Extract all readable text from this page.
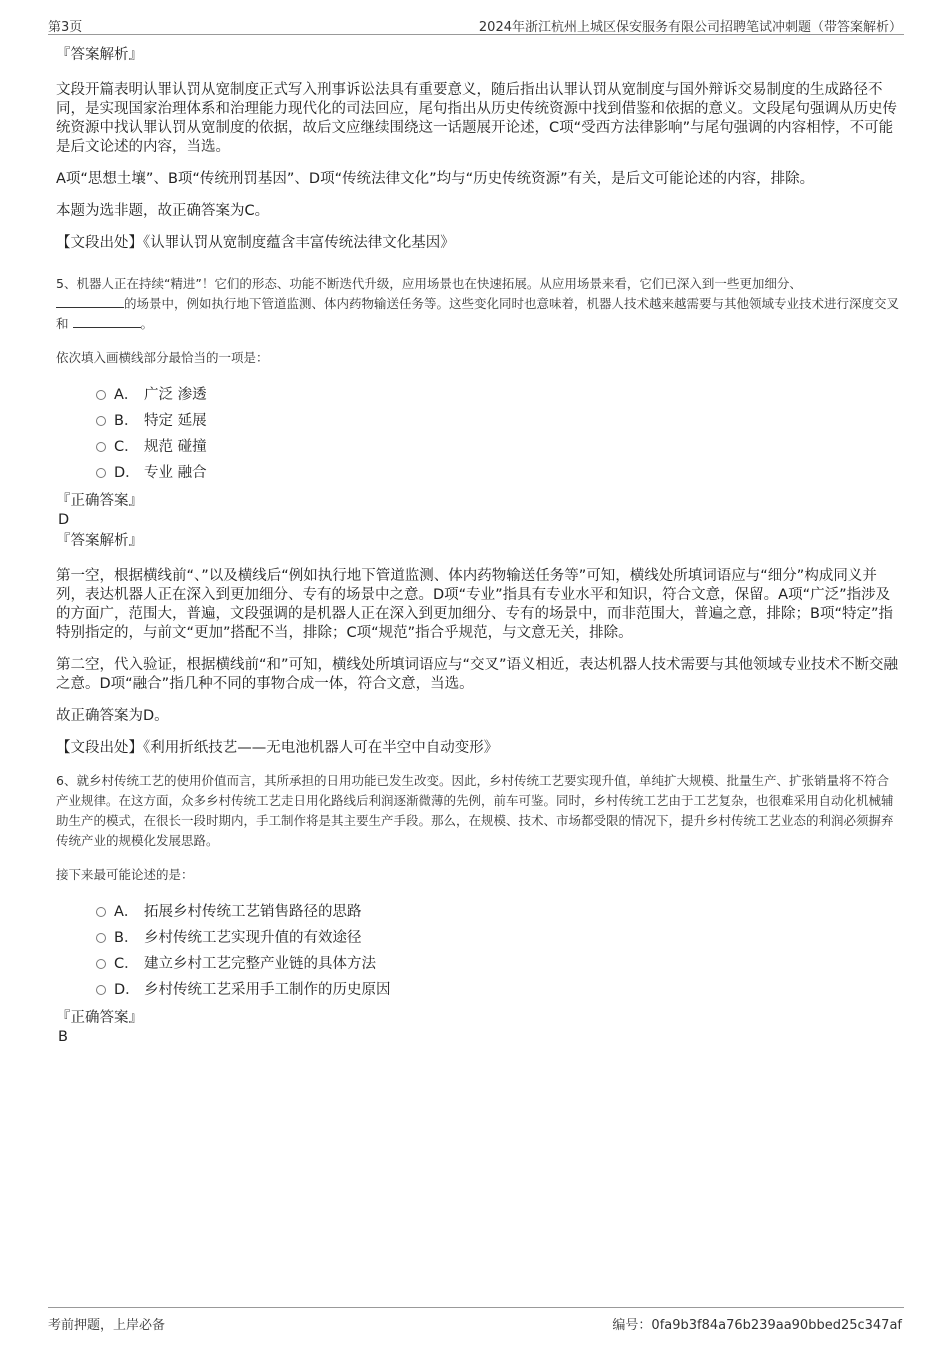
第3页	2024年浙江杭州上城区保安服务有限公司招聘笔试冲刺题（带答案解析）

『答案解析』

文段开篇表明认罪认罚从宽制度正式写入刑事诉讼法具有重要意义，随后指出认罪认罚从宽制度与国外辩诉交易制度的生成路径不同，是实现国家治理体系和治理能力现代化的司法回应，尾句指出从历史传统资源中找到借鉴和依据的意义。文段尾句强调从历史传统资源中找认罪认罚从宽制度的依据，故后文应继续围绕这一话题展开论述，C项“受西方法律影响”与尾句强调的内容相悖，不可能是后文论述的内容，当选。

A项“思想土壤”、B项“传统刑罚基因”、D项“传统法律文化”均与“历史传统资源”有关，是后文可能论述的内容，排除。

本题为选非题，故正确答案为C。

【文段出处】《认罪认罚从宽制度蕴含丰富传统法律文化基因》

5、机器人正在持续“精进”！它们的形态、功能不断迭代升级，应用场景也在快速拓展。从应用场景来看，它们已深入到一些更加细分、
的场景中，例如执行地下管道监测、体内药物输送任务等。这些变化同时也意味着，机器人技术越来越需要与其他领域专业技术进行深度交叉和	。

依次填入画横线部分最恰当的一项是：

A． 广泛 渗透
B． 特定 延展
C． 规范 碰撞
D． 专业 融合

『正确答案』

D

『答案解析』

第一空，根据横线前“、”以及横线后“例如执行地下管道监测、体内药物输送任务等”可知，横线处所填词语应与“细分”构成同义并列，表达机器人正在深入到更加细分、专有的场景中之意。D项“专业”指具有专业水平和知识，符合文意，保留。A项“广泛”指涉及的方面广，范围大，普遍，文段强调的是机器人正在深入到更加细分、专有的场景中，而非范围大，普遍之意，排除；B项“特定”指特别指定的，与前文“更加”搭配不当，排除；C项“规范”指合乎规范，与文意无关，排除。

第二空，代入验证，根据横线前“和”可知，横线处所填词语应与“交叉”语义相近，表达机器人技术需要与其他领域专业技术不断交融之意。D项“融合”指几种不同的事物合成一体，符合文意，当选。

故正确答案为D。

【文段出处】《利用折纸技艺——无电池机器人可在半空中自动变形》

6、就乡村传统工艺的使用价值而言，其所承担的日用功能已发生改变。因此，乡村传统工艺要实现升值，单纯扩大规模、批量生产、扩张销量将不符合产业规律。在这方面，众多乡村传统工艺走日用化路线后利润逐渐微薄的先例，前车可鉴。同时，乡村传统工艺由于工艺复杂，也很难采用自动化机械辅助生产的模式，在很长一段时期内，手工制作将是其主要生产手段。那么，在规模、技术、市场都受限的情况下，提升乡村传统工艺业态的利润必须摒弃传统产业的规模化发展思路。

接下来最可能论述的是：

A． 拓展乡村传统工艺销售路径的思路
B． 乡村传统工艺实现升值的有效途径
C． 建立乡村工艺完整产业链的具体方法
D． 乡村传统工艺采用手工制作的历史原因

『正确答案』

B

考前押题，上岸必备	编号：0fa9b3f84a76b239aa90bbed25c347af
